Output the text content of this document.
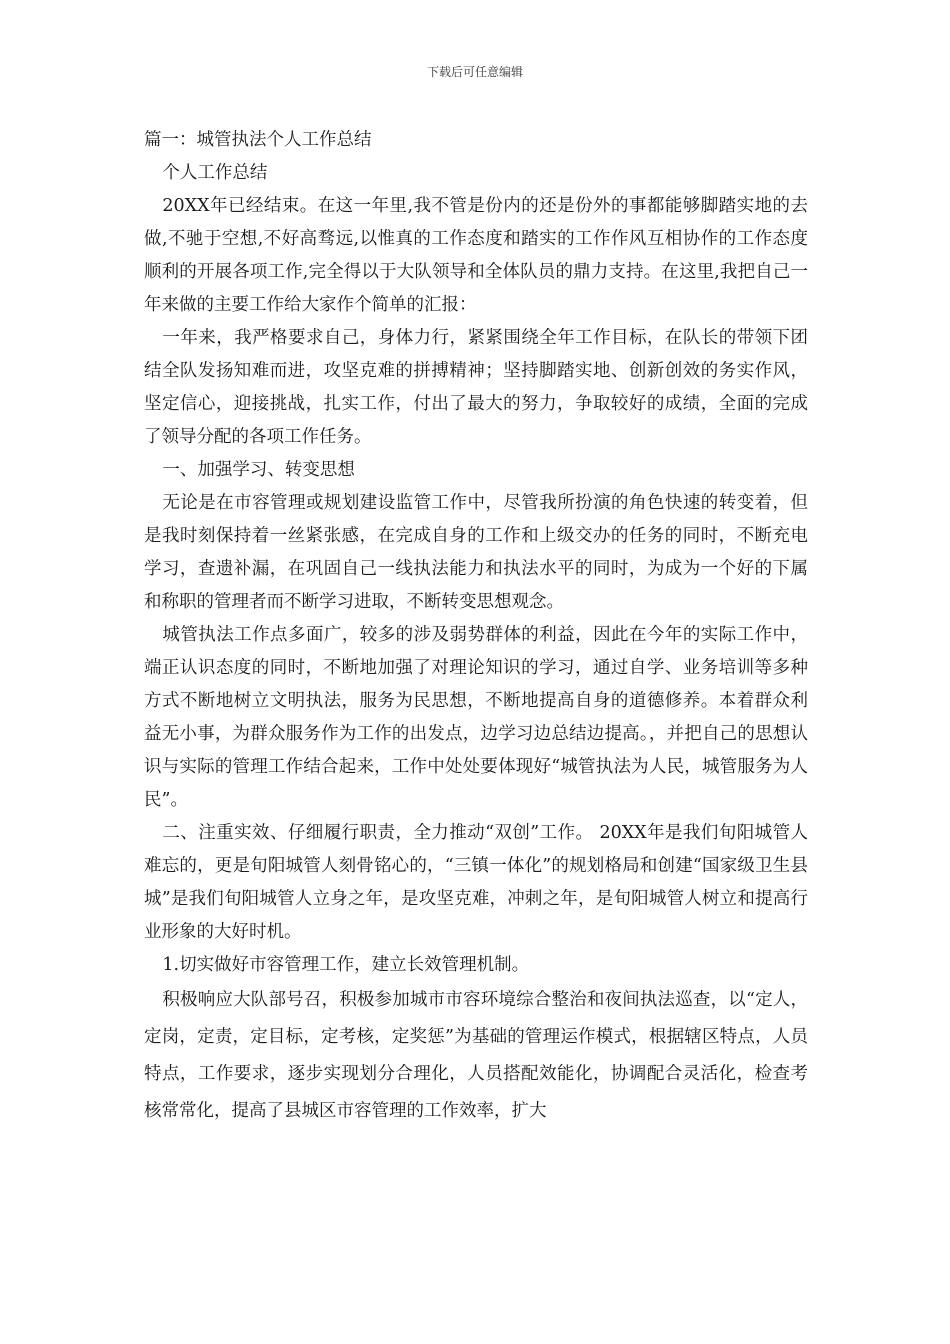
下载后可任意编辑

篇一：城管执法个人工作总结

个人工作总结

20XX年已经结束。在这一年里,我不管是份内的还是份外的事都能够脚踏实地的去做,不驰于空想,不好高骛远,以惟真的工作态度和踏实的工作作风互相协作的工作态度顺利的开展各项工作,完全得以于大队领导和全体队员的鼎力支持。在这里,我把自己一年来做的主要工作给大家作个简单的汇报：

一年来，我严格要求自己，身体力行，紧紧围绕全年工作目标，在队长的带领下团结全队发扬知难而进，攻坚克难的拼搏精神；坚持脚踏实地、创新创效的务实作风，坚定信心，迎接挑战，扎实工作，付出了最大的努力，争取较好的成绩，全面的完成了领导分配的各项工作任务。

一、加强学习、转变思想

无论是在市容管理或规划建设监管工作中，尽管我所扮演的角色快速的转变着，但是我时刻保持着一丝紧张感，在完成自身的工作和上级交办的任务的同时，不断充电学习，查遗补漏，在巩固自己一线执法能力和执法水平的同时，为成为一个好的下属和称职的管理者而不断学习进取，不断转变思想观念。

城管执法工作点多面广，较多的涉及弱势群体的利益，因此在今年的实际工作中，端正认识态度的同时，不断地加强了对理论知识的学习，通过自学、业务培训等多种方式不断地树立文明执法，服务为民思想，不断地提高自身的道德修养。本着群众利　益无小事，为群众服务作为工作的出发点，边学习边总结边提高。，并把自己的思想认识与实际的管理工作结合起来，工作中处处要体现好“城管执法为人民，城管服务为人民”。

二、注重实效、仔细履行职责，全力推动“双创”工作。 20XX年是我们旬阳城管人难忘的，更是旬阳城管人刻骨铭心的，“三镇一体化”的规划格局和创建“国家级卫生县城”是我们旬阳城管人立身之年，是攻坚克难，冲刺之年，是旬阳城管人树立和提高行业形象的大好时机。

1.切实做好市容管理工作，建立长效管理机制。

积极响应大队部号召，积极参加城市市容环境综合整治和夜间执法巡查，以“定人，定岗，定责，定目标，定考核，定奖惩”为基础的管理运作模式，根据辖区特点，人员特点，工作要求，逐步实现划分合理化，人员搭配效能化，协调配合灵活化，检查考核常常化，提高了县城区市容管理的工作效率，扩大
